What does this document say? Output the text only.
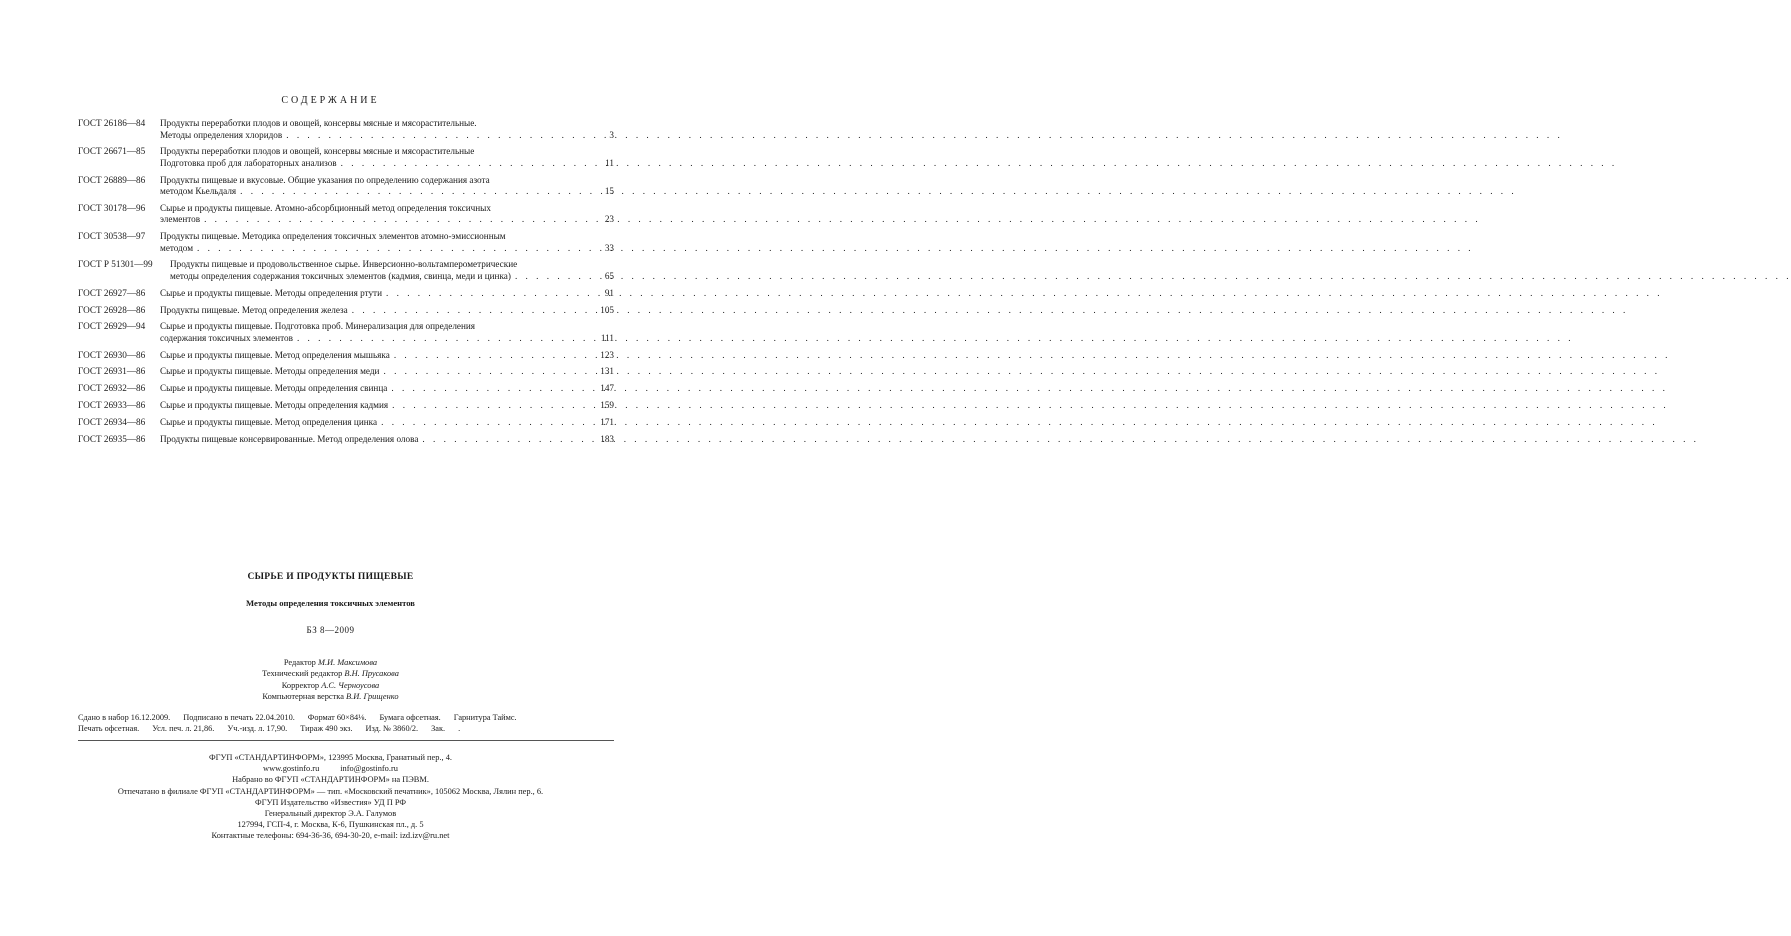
СОДЕРЖАНИЕ
ГОСТ 26186—84	Продукты переработки плодов и овощей, консервы мясные и мясорастительные.
Методы определения хлоридов . . .	3
ГОСТ 26671—85	Продукты переработки плодов и овощей, консервы мясные и мясорастительные
Подготовка проб для лабораторных анализов . . .	11
ГОСТ 26889—86	Продукты пищевые и вкусовые. Общие указания по определению содержания азота
методом Кьельдаля . . .	15
ГОСТ 30178—96	Сырье и продукты пищевые. Атомно-абсорбционный метод определения токсичных
элементов . . .	23
ГОСТ 30538—97	Продукты пищевые. Методика определения токсичных элементов атомно-эмиссионным
методом . . .	33
ГОСТ Р 51301—99	Продукты пищевые и продовольственное сырье. Инверсионно-вольтамперометрические
методы определения содержания токсичных элементов (кадмия, свинца, меди и цинка) . . .	65
ГОСТ 26927—86	Сырье и продукты пищевые. Методы определения ртути . . .	91
ГОСТ 26928—86	Продукты пищевые. Метод определения железа . . .	105
ГОСТ 26929—94	Сырье и продукты пищевые. Подготовка проб. Минерализация для определения
содержания токсичных элементов . . .	111
ГОСТ 26930—86	Сырье и продукты пищевые. Метод определения мышьяка . . .	123
ГОСТ 26931—86	Сырье и продукты пищевые. Методы определения меди . . .	131
ГОСТ 26932—86	Сырье и продукты пищевые. Методы определения свинца . . .	147
ГОСТ 26933—86	Сырье и продукты пищевые. Методы определения кадмия . . .	159
ГОСТ 26934—86	Сырье и продукты пищевые. Метод определения цинка . . .	171
ГОСТ 26935—86	Продукты пищевые консервированные. Метод определения олова . . .	183
СЫРЬЕ И ПРОДУКТЫ ПИЩЕВЫЕ
Методы определения токсичных элементов
БЗ 8—2009
Редактор М.И. Максимова
Технический редактор В.Н. Прусакова
Корректор А.С. Черноусова
Компьютерная верстка В.И. Грищенко
Сдано в набор 16.12.2009. Подписано в печать 22.04.2010. Формат 60×84⅛. Бумага офсетная. Гарнитура Таймс.
Печать офсетная. Усл. печ. л. 21,86. Уч.-изд. л. 17,90. Тираж 490 экз. Изд. № 3860/2. Зак. .
ФГУП «СТАНДАРТИНФОРМ», 123995 Москва, Гранатный пер., 4.
www.gostinfo.ru          info@gostinfo.ru
Набрано во ФГУП «СТАНДАРТИНФОРМ» на ПЭВМ.
Отпечатано в филиале ФГУП «СТАНДАРТИНФОРМ» — тип. «Московский печатник», 105062 Москва, Лялин пер., 6.
ФГУП Издательство «Известия» УД П РФ
Генеральный директор Э.А. Галумов
127994, ГСП-4, г. Москва, К-6, Пушкинская пл., д. 5
Контактные телефоны: 694-36-36, 694-30-20, e-mail: izd.izv@ru.net
